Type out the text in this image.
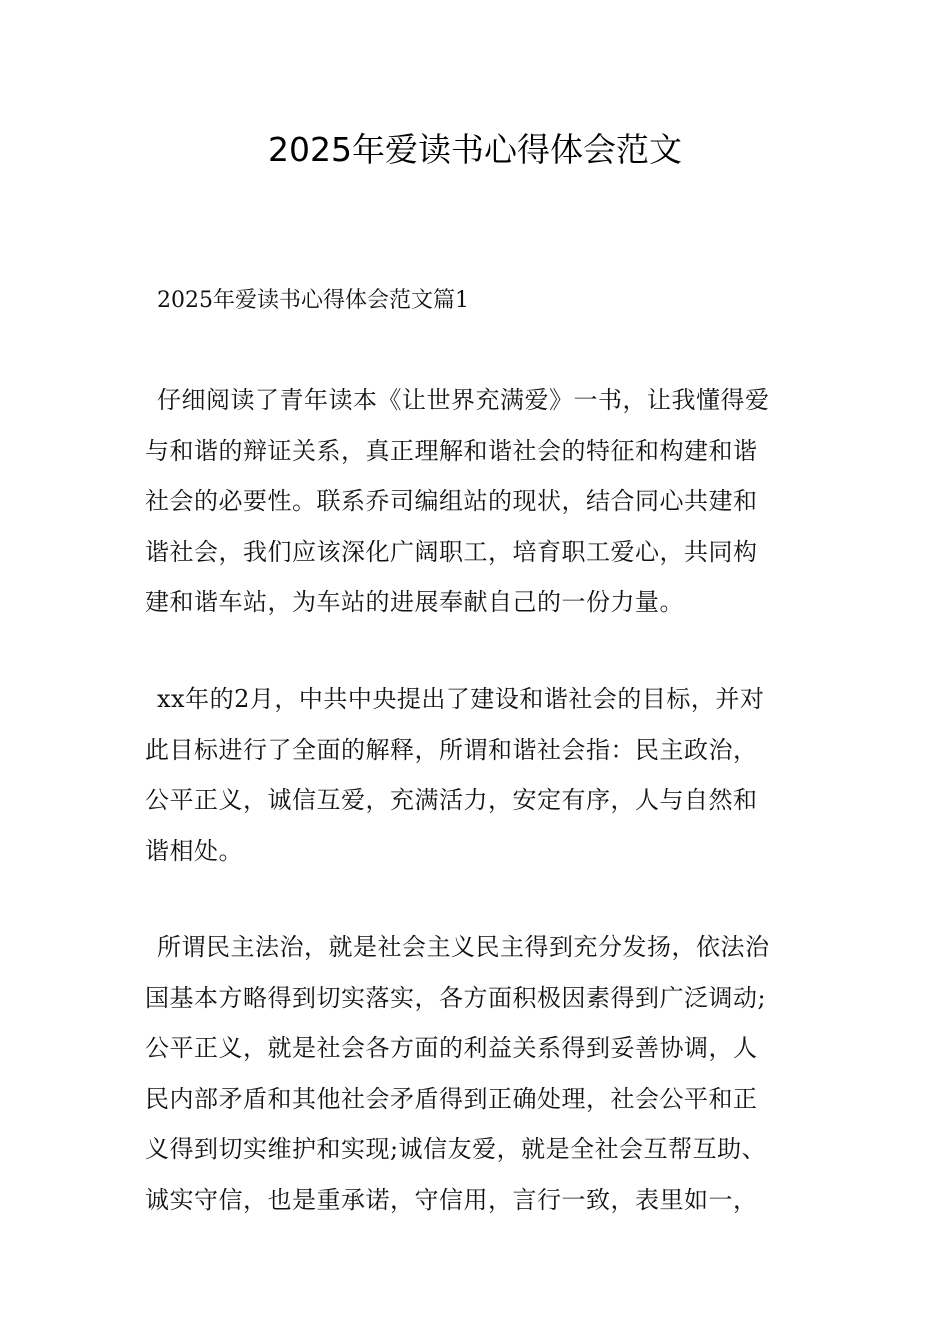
2025年爱读书心得体会范文
2025年爱读书心得体会范文篇1
仔细阅读了青年读本《让世界充满爱》一书，让我懂得爱
与和谐的辩证关系，真正理解和谐社会的特征和构建和谐
社会的必要性。联系乔司编组站的现状，结合同心共建和
谐社会，我们应该深化广阔职工，培育职工爱心，共同构
建和谐车站，为车站的进展奉献自己的一份力量。
xx年的2月，中共中央提出了建设和谐社会的目标，并对
此目标进行了全面的解释，所谓和谐社会指：民主政治，
公平正义，诚信互爱，充满活力，安定有序，人与自然和
谐相处。
所谓民主法治，就是社会主义民主得到充分发扬，依法治
国基本方略得到切实落实，各方面积极因素得到广泛调动;
公平正义，就是社会各方面的利益关系得到妥善协调，人
民内部矛盾和其他社会矛盾得到正确处理，社会公平和正
义得到切实维护和实现;诚信友爱，就是全社会互帮互助、
诚实守信，也是重承诺，守信用，言行一致，表里如一，
